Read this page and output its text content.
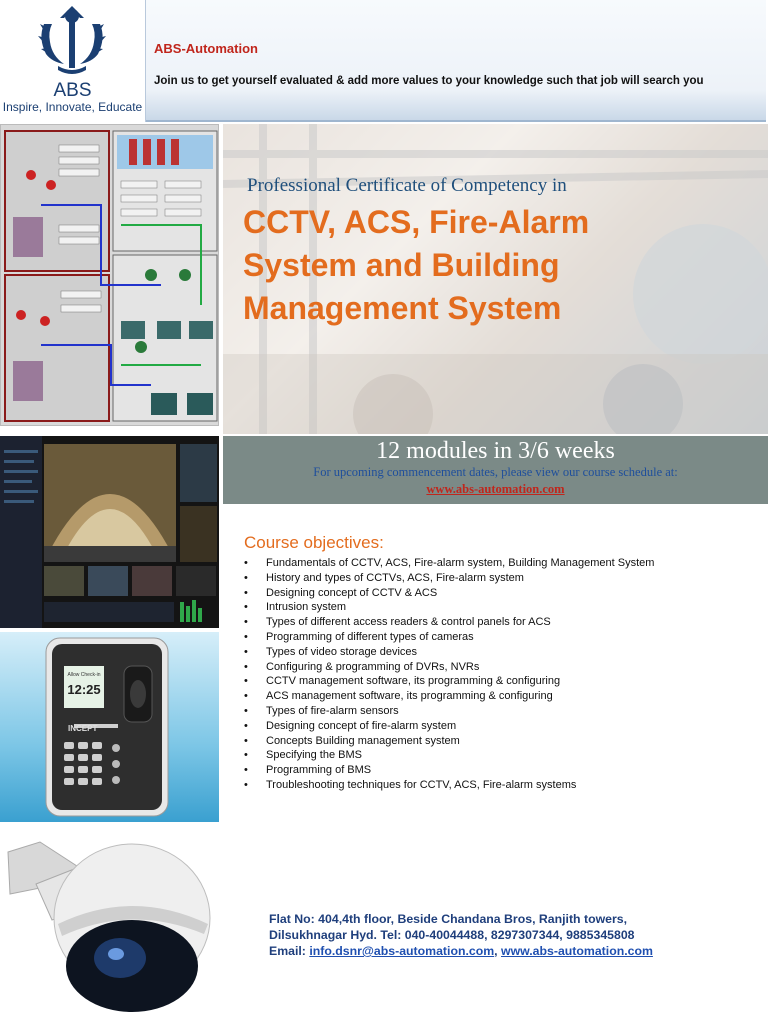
ABS
Inspire, Innovate, Educate
ABS-Automation
Join us to get yourself evaluated & add more values to your knowledge such that job will search you
Allow Check-in
12:25
INCEPT
Professional Certificate of Competency in
CCTV, ACS, Fire-Alarm
System and Building
Management System
12 modules in 3/6 weeks
For upcoming commencement dates, please view our course schedule at:
www.abs-automation.com
Course objectives:
• Fundamentals of CCTV, ACS, Fire-alarm system, Building Management System
• History and types of CCTVs, ACS, Fire-alarm system
• Designing concept of CCTV & ACS
• Intrusion system
• Types of different access readers & control panels for ACS
• Programming of different types of cameras
• Types of video storage devices
• Configuring & programming of DVRs, NVRs
• CCTV management software, its programming & configuring
• ACS management software, its programming & configuring
• Types of fire-alarm sensors
• Designing concept of fire-alarm system
• Concepts Building management system
• Specifying the BMS
• Programming of BMS
• Troubleshooting techniques for CCTV, ACS, Fire-alarm systems
Flat No: 404,4th floor, Beside Chandana Bros, Ranjith towers,
Dilsukhnagar Hyd. Tel: 040-40044488, 8297307344, 9885345808
Email: info.dsnr@abs-automation.com, www.abs-automation.com
